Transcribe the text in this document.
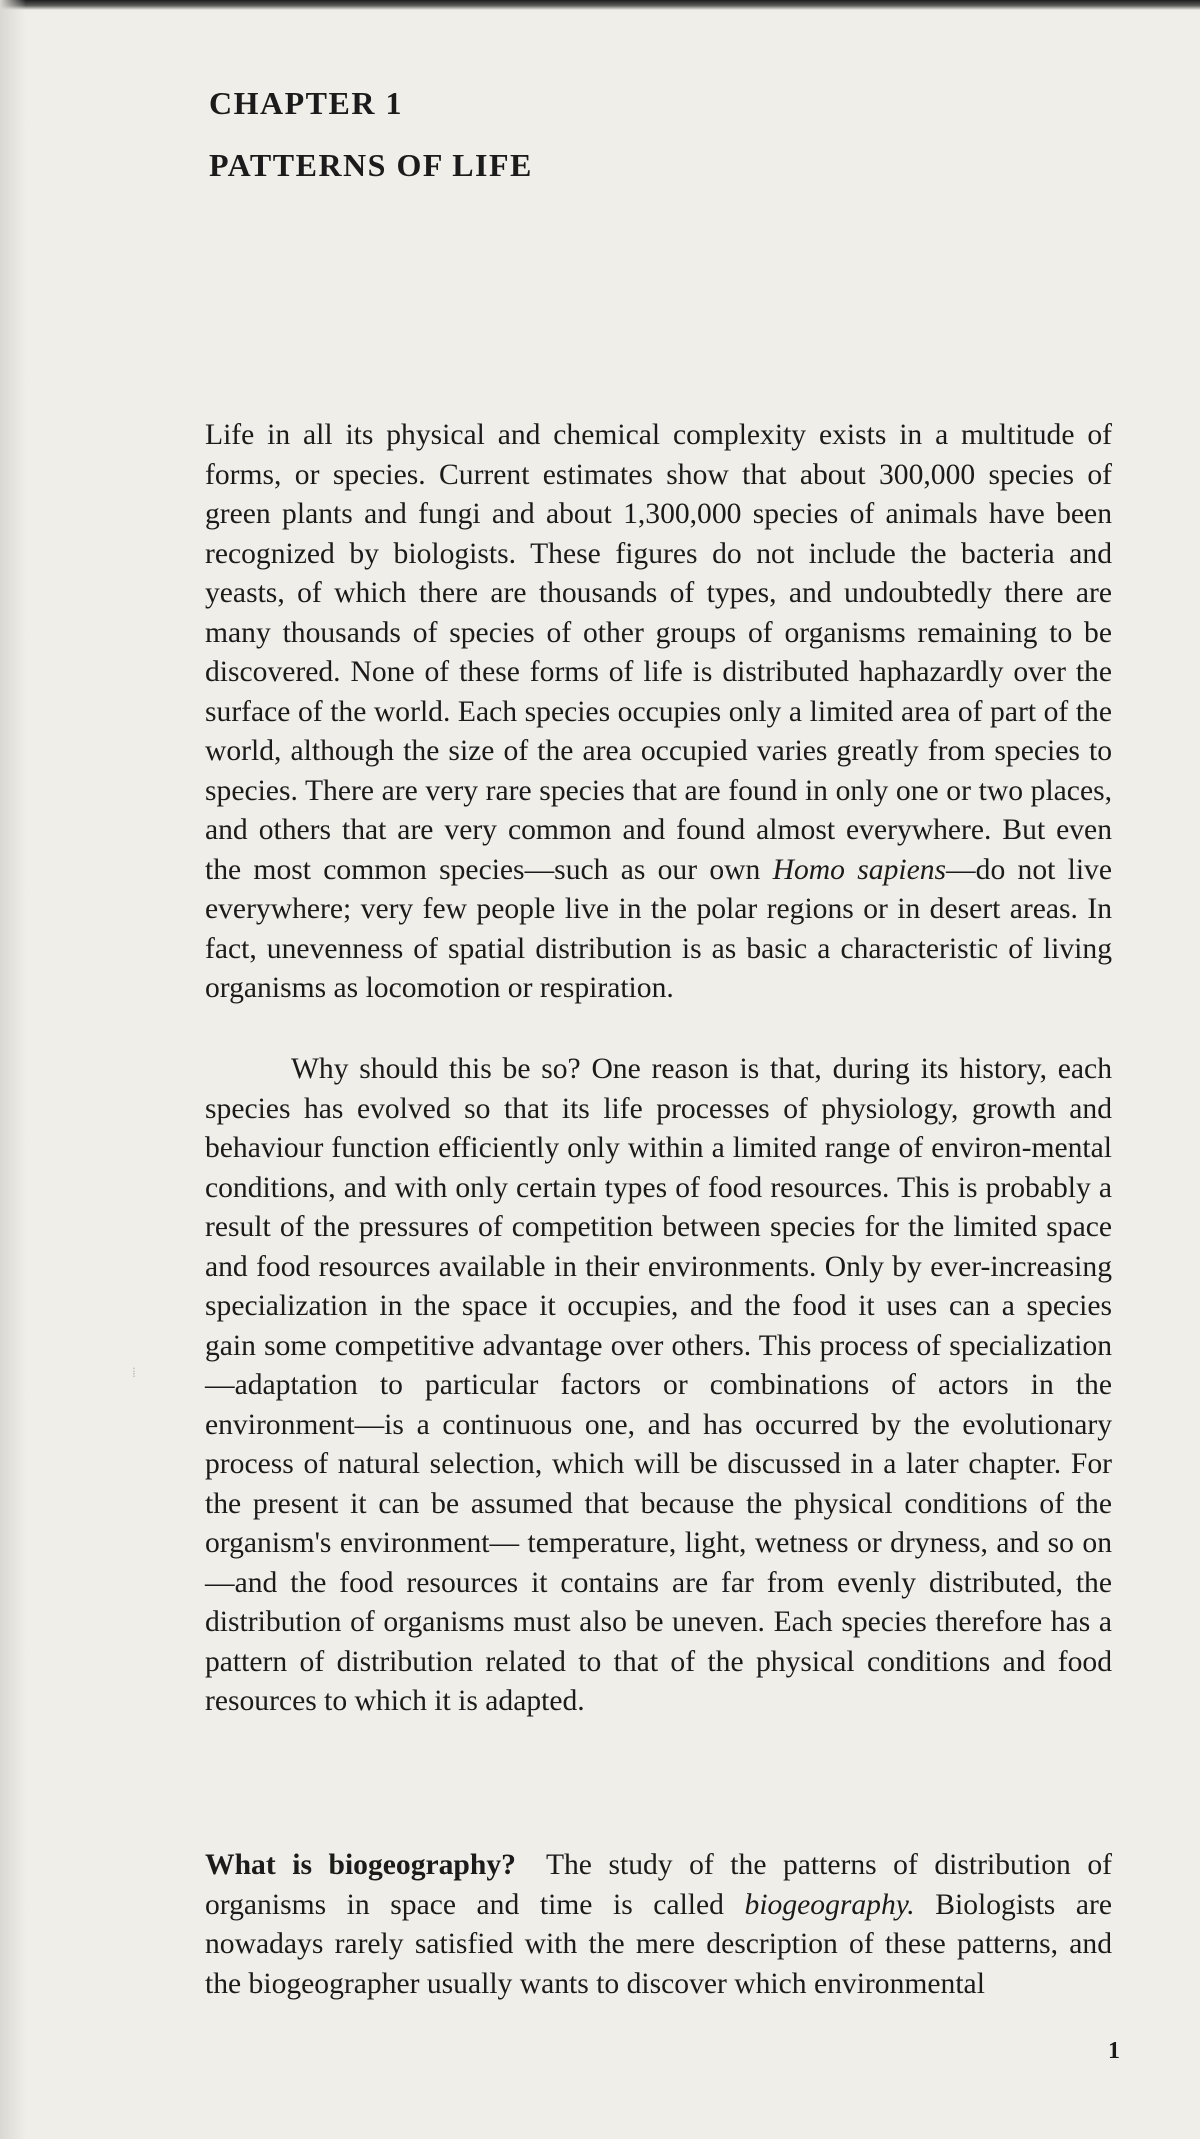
CHAPTER 1
PATTERNS OF LIFE

Life in all its physical and chemical complexity exists in a multitude of forms, or species. Current estimates show that about 300,000 species of green plants and fungi and about 1,300,000 species of animals have been recognized by biologists. These figures do not include the bacteria and yeasts, of which there are thousands of types, and undoubtedly there are many thousands of species of other groups of organisms remaining to be discovered. None of these forms of life is distributed haphazardly over the surface of the world. Each species occupies only a limited area of part of the world, although the size of the area occupied varies greatly from species to species. There are very rare species that are found in only one or two places, and others that are very common and found almost everywhere. But even the most common species—such as our own Homo sapiens—do not live everywhere; very few people live in the polar regions or in desert areas. In fact, unevenness of spatial distribution is as basic a characteristic of living organisms as locomotion or respiration.

Why should this be so? One reason is that, during its history, each species has evolved so that its life processes of physiology, growth and behaviour function efficiently only within a limited range of environ-mental conditions, and with only certain types of food resources. This is probably a result of the pressures of competition between species for the limited space and food resources available in their environments. Only by ever-increasing specialization in the space it occupies, and the food it uses can a species gain some competitive advantage over others. This process of specialization—adaptation to particular factors or combinations of actors in the environment—is a continuous one, and has occurred by the evolutionary process of natural selection, which will be discussed in a later chapter. For the present it can be assumed that because the physical conditions of the organism's environment— temperature, light, wetness or dryness, and so on—and the food resources it contains are far from evenly distributed, the distribution of organisms must also be uneven. Each species therefore has a pattern of distribution related to that of the physical conditions and food resources to which it is adapted.

What is biogeography? The study of the patterns of distribution of organisms in space and time is called biogeography. Biologists are nowadays rarely satisfied with the mere description of these patterns, and the biogeographer usually wants to discover which environmental

⁞

1
